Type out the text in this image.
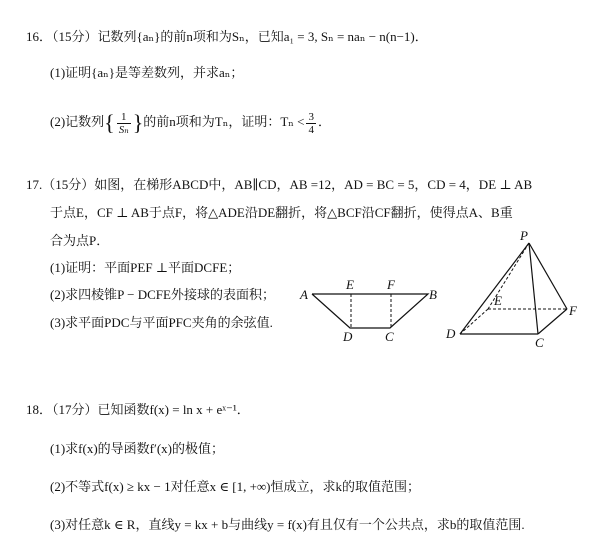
16．（15分）记数列{aₙ}的前n项和为Sₙ，已知a₁ = 3, Sₙ = naₙ − n(n−1)．
(1)证明{aₙ}是等差数列，并求aₙ；
(2)记数列{ $\frac{1}{\text{Sₙ}}$ }的前n项和为Tₙ，证明：$T_n < \frac{3}{4}$ ．
17.（15分）如图，在梯形ABCD中，AB∥CD，AB =12，AD = BC = 5，CD = 4，DE ⊥ AB
于点E，CF ⊥ AB于点F，将△ADE沿DE翻折，将△BCF沿CF翻折，使得点A、B重
合为点P．
(1)证明：平面PEF ⊥平面DCFE；
(2)求四棱锥P − DCFE外接球的表面积；
(3)求平面PDC与平面PFC夹角的余弦值.
A
E	F
B
D	C
P
E
F
D
C
18．（17分）已知函数f(x) = ln x + eˣ⁻¹．
(1)求f(x)的导函数f′(x)的极值；
(2)不等式f(x) ≥ kx − 1对任意x ∈ [1, +∞)恒成立，求k的取值范围；
(3)对任意k ∈ R，直线y = kx + b与曲线y = f(x)有且仅有一个公共点，求b的取值范围.
